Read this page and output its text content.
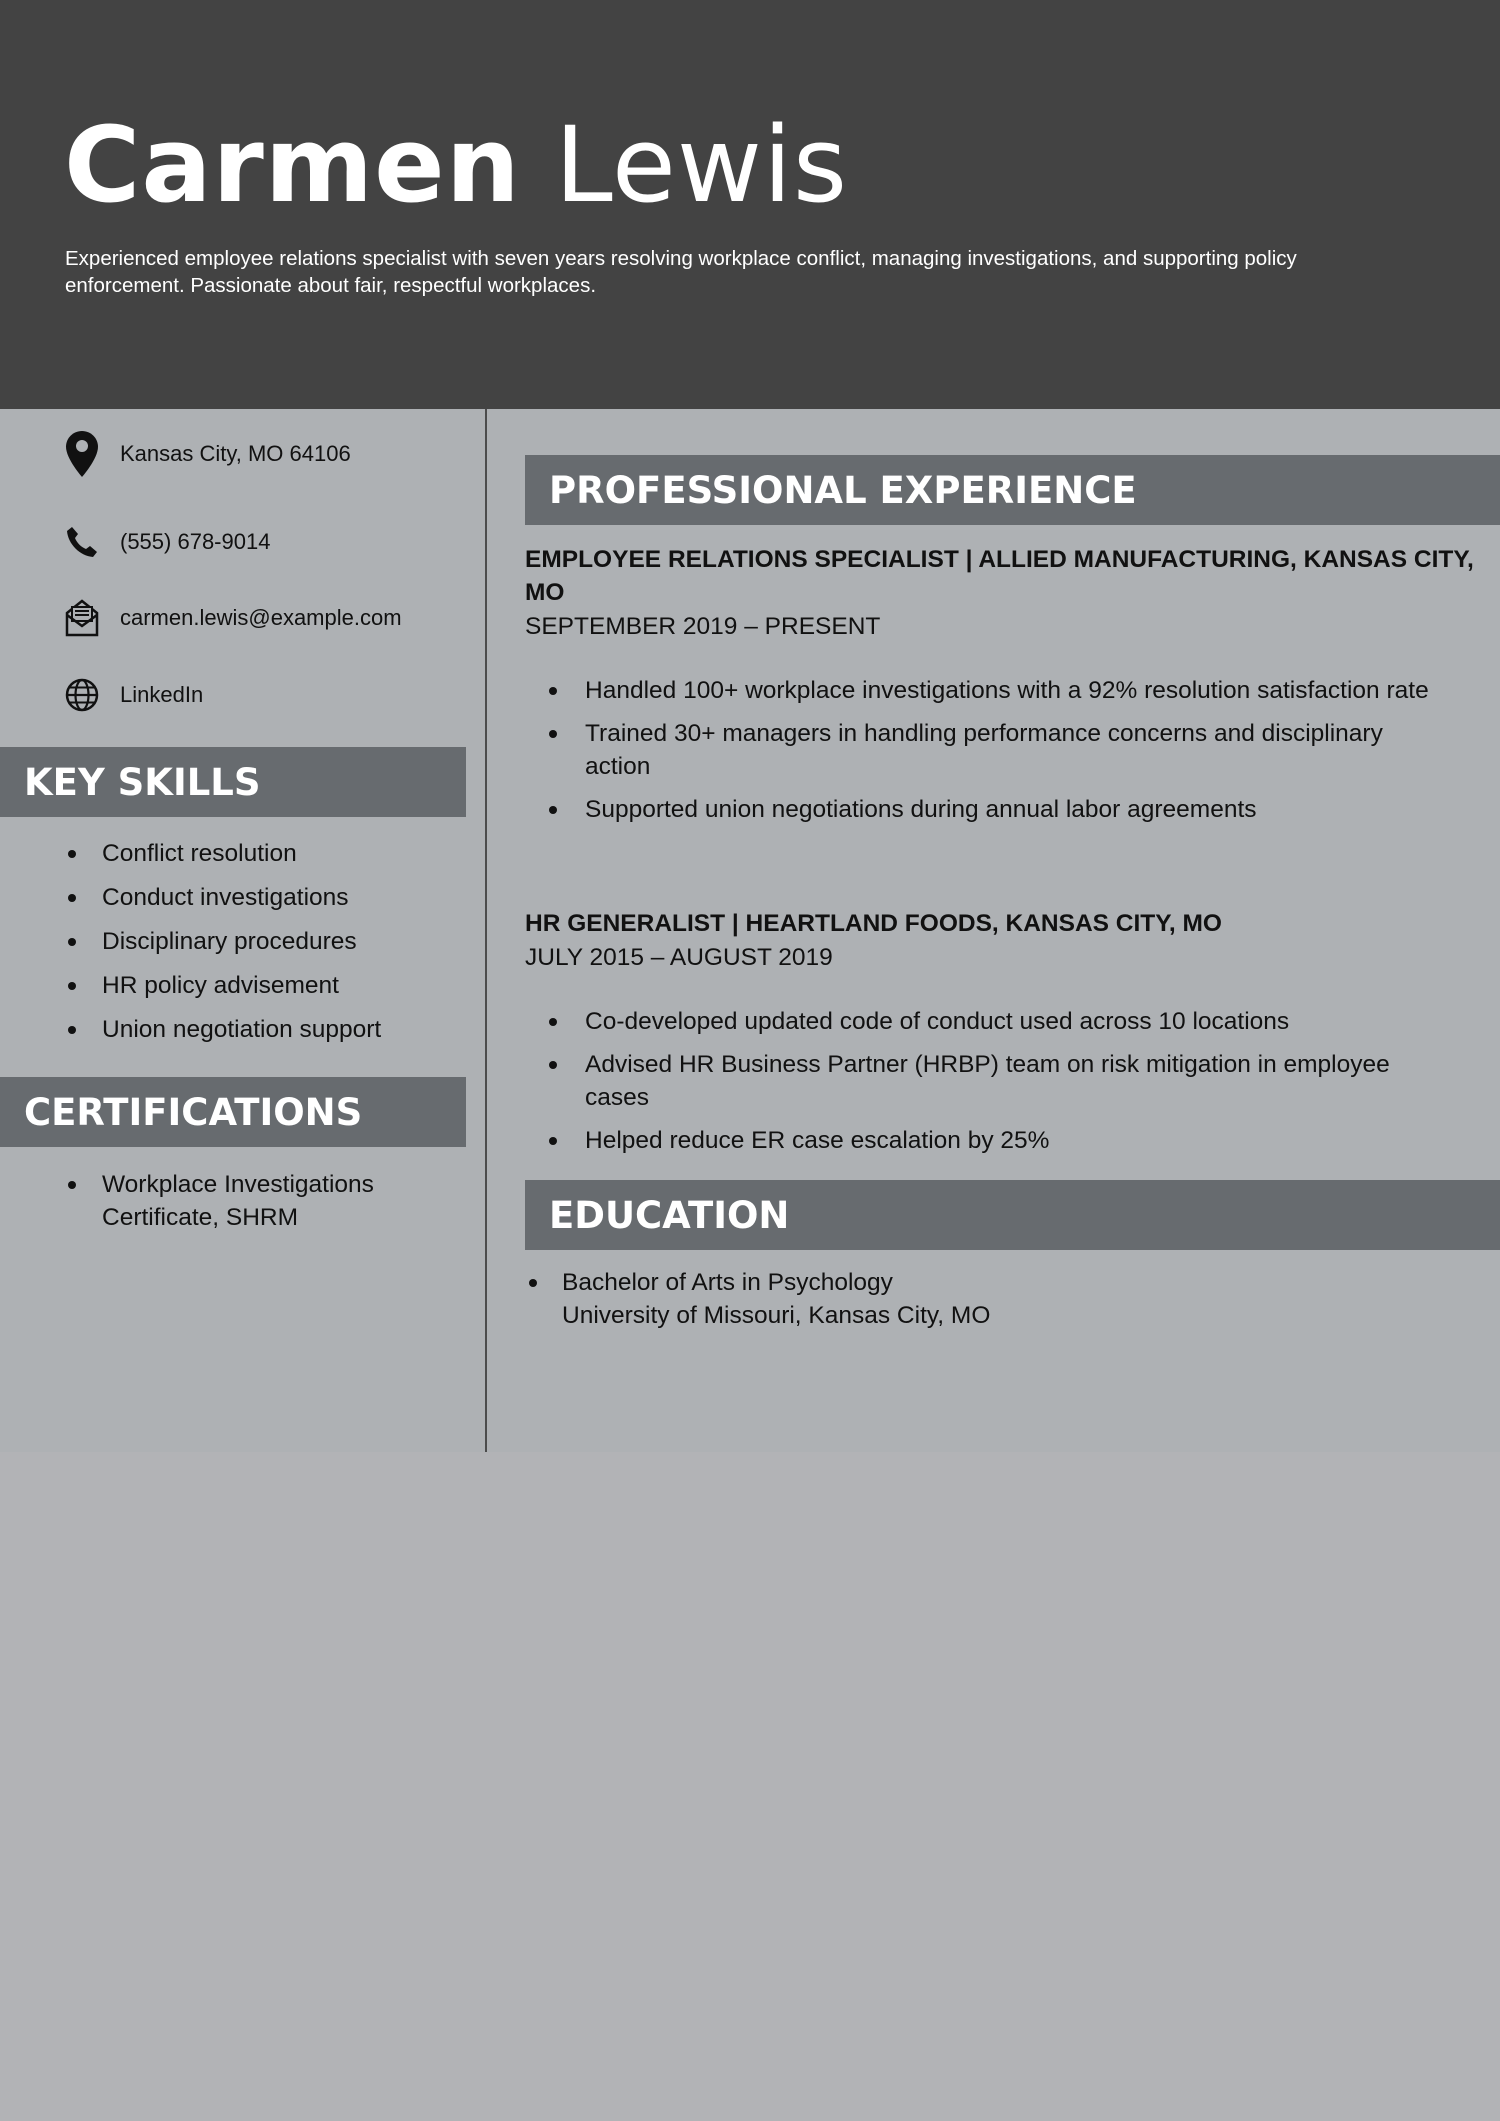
Carmen Lewis
Experienced employee relations specialist with seven years resolving workplace conflict, managing investigations, and supporting policy enforcement. Passionate about fair, respectful workplaces.
Kansas City, MO 64106
(555) 678-9014
carmen.lewis@example.com
LinkedIn
KEY SKILLS
Conflict resolution
Conduct investigations
Disciplinary procedures
HR policy advisement
Union negotiation support
CERTIFICATIONS
Workplace Investigations
Certificate, SHRM
PROFESSIONAL EXPERIENCE
EMPLOYEE RELATIONS SPECIALIST | ALLIED MANUFACTURING, KANSAS CITY, MO
SEPTEMBER 2019 – PRESENT
Handled 100+ workplace investigations with a 92% resolution satisfaction rate
Trained 30+ managers in handling performance concerns and disciplinary action
Supported union negotiations during annual labor agreements
HR GENERALIST | HEARTLAND FOODS, KANSAS CITY, MO
JULY 2015 – AUGUST 2019
Co-developed updated code of conduct used across 10 locations
Advised HR Business Partner (HRBP) team on risk mitigation in employee cases
Helped reduce ER case escalation by 25%
EDUCATION
Bachelor of Arts in Psychology
University of Missouri, Kansas City, MO
